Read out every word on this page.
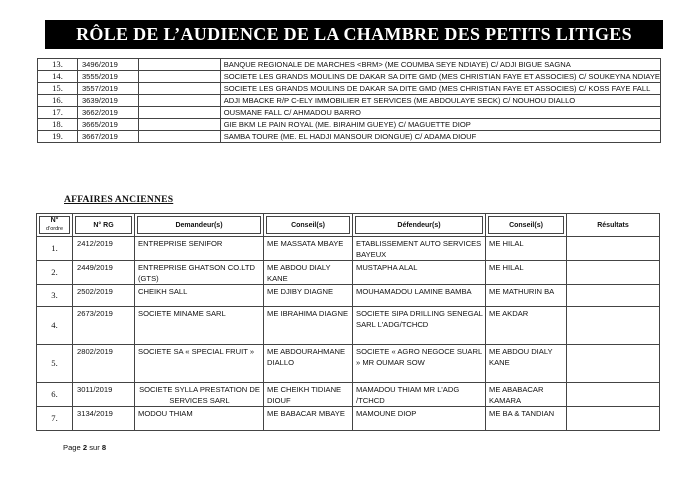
RÔLE DE L’AUDIENCE DE LA CHAMBRE DES PETITS LITIGES
13.	3496/2019		BANQUE REGIONALE DE MARCHES <BRM> (ME COUMBA SEYE NDIAYE) C/ ADJI BIGUE SAGNA
14.	3555/2019		SOCIETE LES GRANDS MOULINS DE DAKAR SA DITE GMD (MES CHRISTIAN FAYE ET ASSOCIES) C/ SOUKEYNA NDIAYE
15.	3557/2019		SOCIETE LES GRANDS MOULINS DE DAKAR SA DITE GMD (MES CHRISTIAN FAYE ET ASSOCIES) C/ KOSS FAYE FALL
16.	3639/2019		ADJI MBACKE R/P C-ELY IMMOBILIER ET SERVICES (ME ABDOULAYE SECK) C/ NOUHOU DIALLO
17.	3662/2019		OUSMANE FALL C/ AHMADOU BARRO
18.	3665/2019		GIE BKM LE PAIN ROYAL (ME. BIRAHIM GUEYE) C/ MAGUETTE DIOP
19.	3667/2019		SAMBA TOURE (ME. EL HADJI MANSOUR DIONGUE) C/ ADAMA DIOUF
AFFAIRES ANCIENNES
N°
d’ordre	N° RG	Demandeur(s)	Conseil(s)	Défendeur(s)	Conseil(s)	Résultats
1.	2412/2019	ENTREPRISE SENIFOR	ME MASSATA MBAYE	ETABLISSEMENT AUTO SERVICES BAYEUX	ME HILAL	
2.	2449/2019	ENTREPRISE GHATSON CO.LTD (GTS)	ME ABDOU DIALY KANE	MUSTAPHA ALAL	ME HILAL	
3.	2502/2019	CHEIKH SALL	ME DJIBY DIAGNE	MOUHAMADOU LAMINE BAMBA	ME MATHURIN BA	
4.	2673/2019	SOCIETE MINAME SARL	ME IBRAHIMA DIAGNE	SOCIETE SIPA DRILLING SENEGAL SARL L’ADG/TCHCD	ME AKDAR	
5.	2802/2019	SOCIETE SA « SPECIAL FRUIT »	ME ABDOURAHMANE DIALLO	SOCIETE « AGRO NEGOCE SUARL » MR OUMAR SOW	ME ABDOU DIALY KANE	
6.	3011/2019	SOCIETE SYLLA PRESTATION DE SERVICES SARL	ME CHEIKH TIDIANE DIOUF	MAMADOU THIAM MR L’ADG /TCHCD	ME ABABACAR KAMARA	
7.	3134/2019	MODOU THIAM	ME BABACAR MBAYE	MAMOUNE DIOP	ME BA & TANDIAN	
Page 2 sur 8
